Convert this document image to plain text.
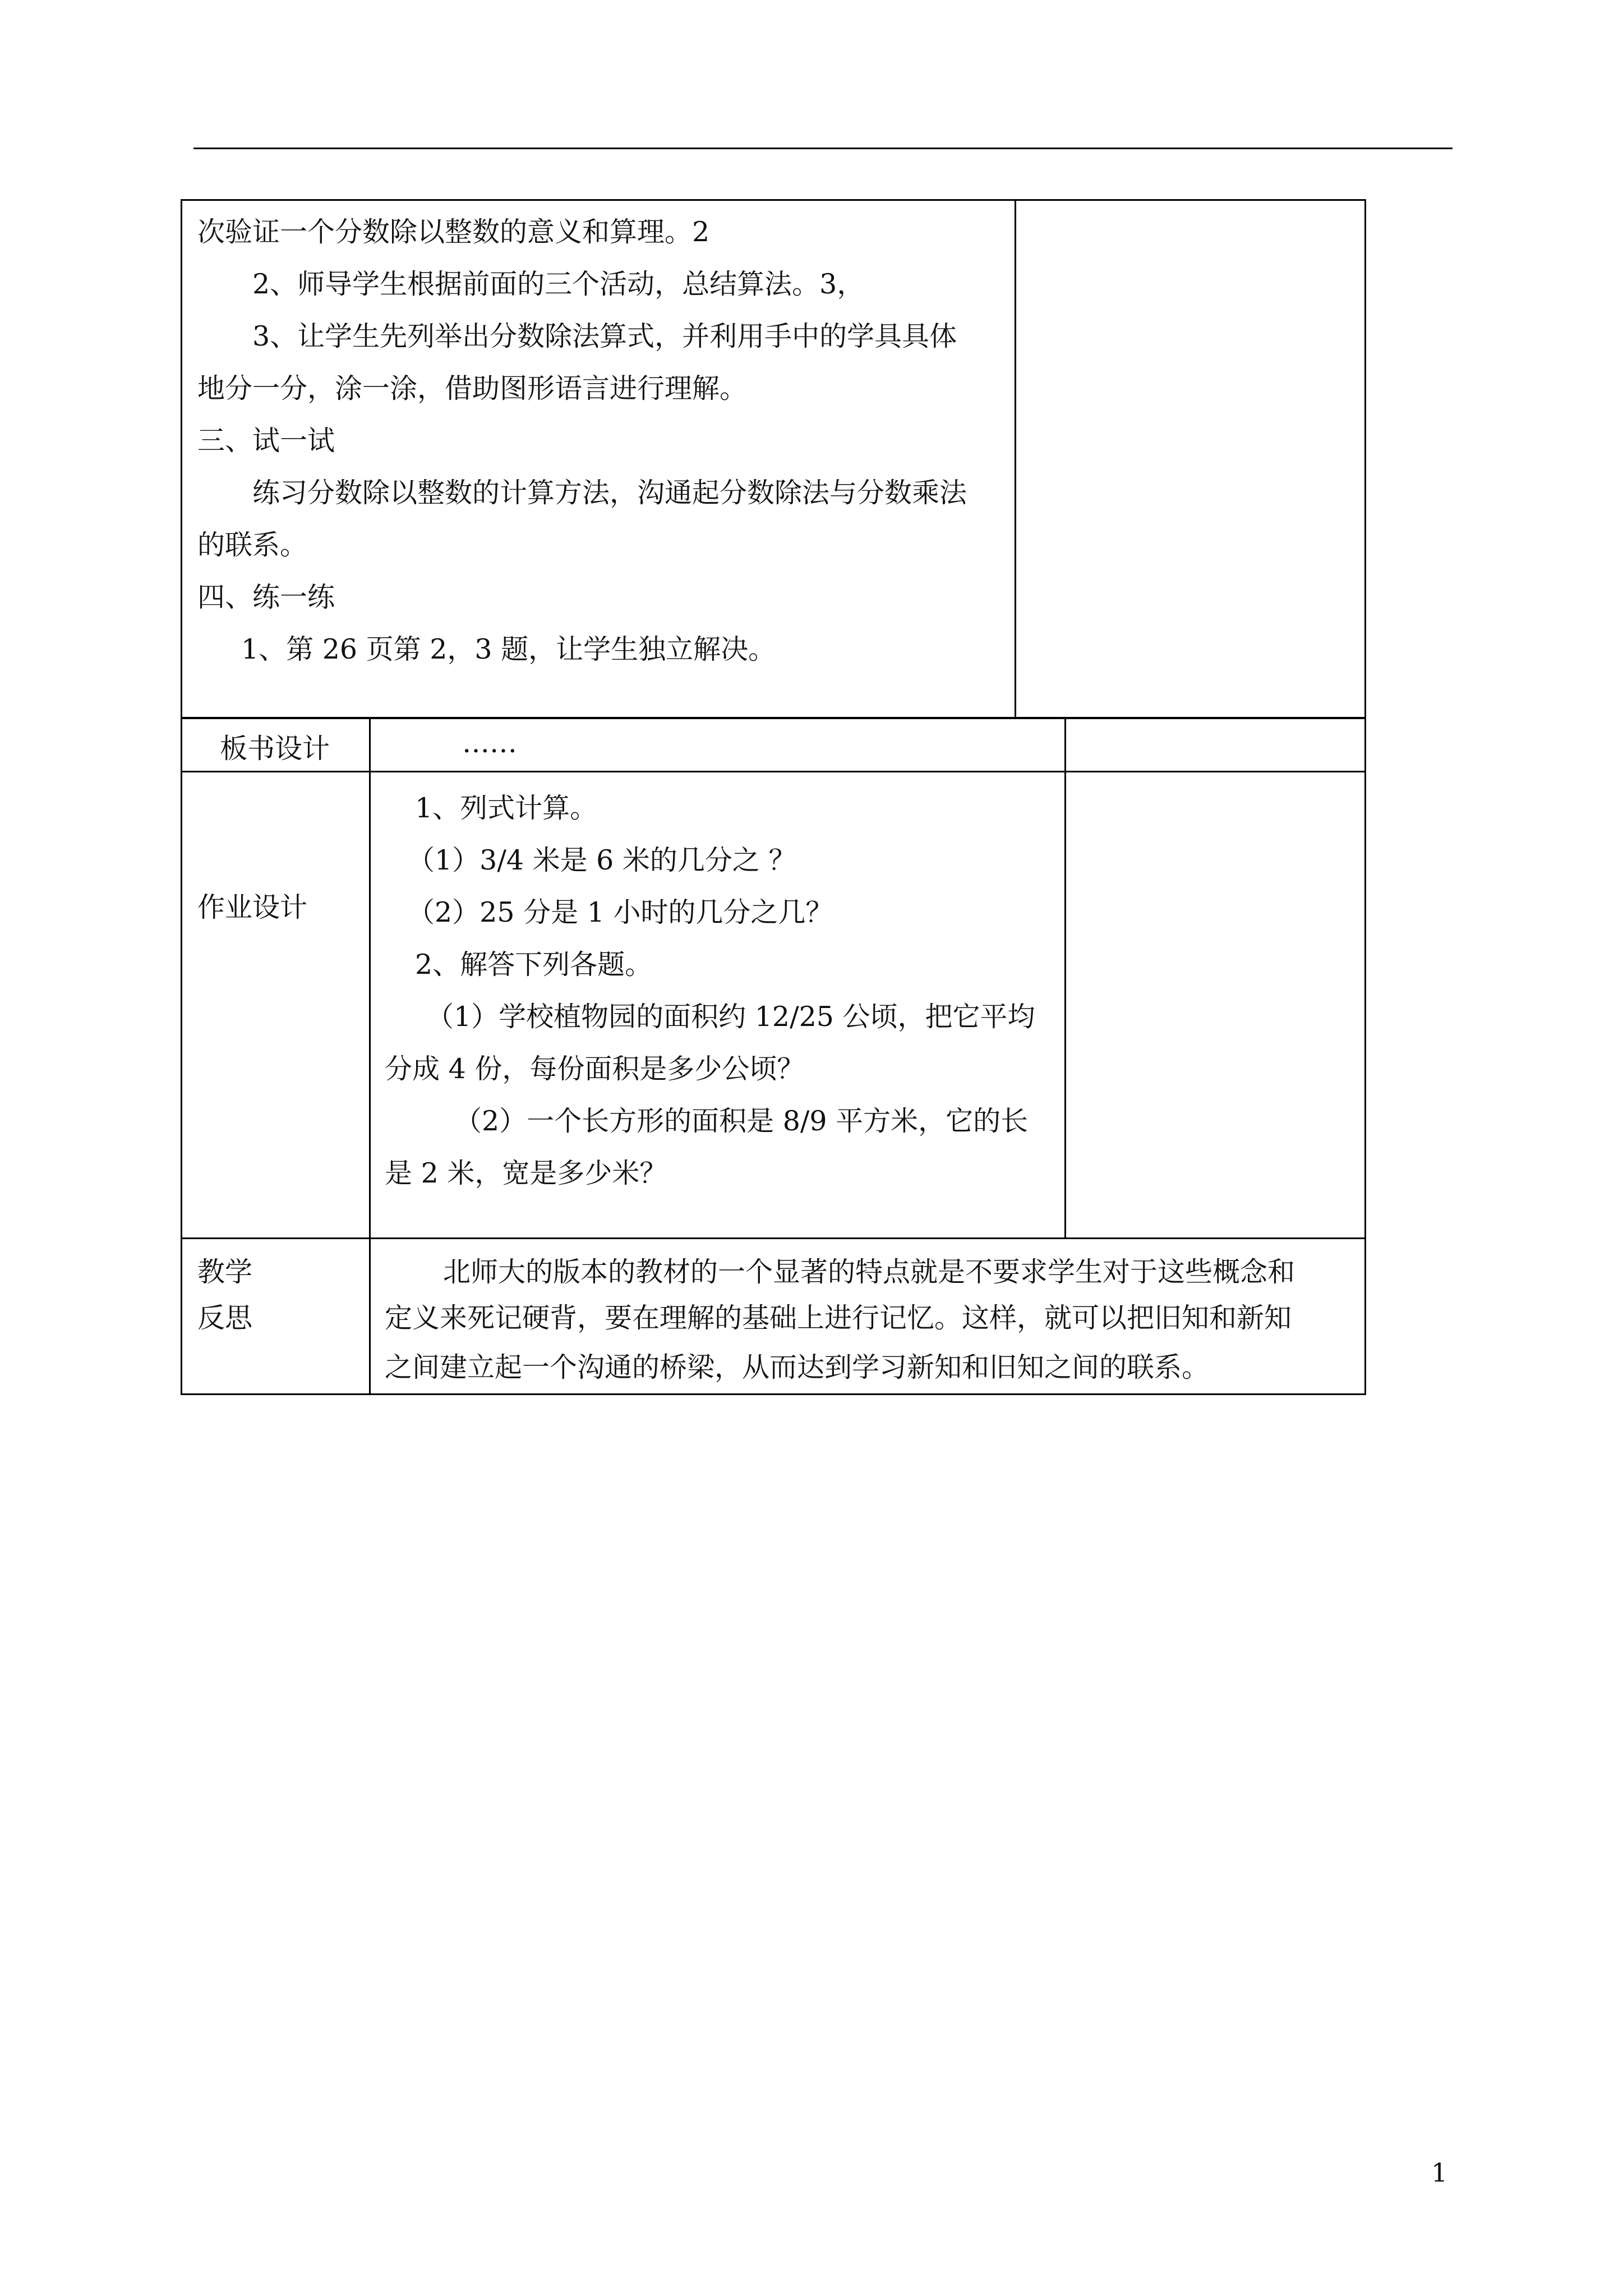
次验证一个分数除以整数的意义和算理。2
2、师导学生根据前面的三个活动，总结算法。3，
3、让学生先列举出分数除法算式，并利用手中的学具具体
地分一分，涂一涂，借助图形语言进行理解。
三、试一试
练习分数除以整数的计算方法，沟通起分数除法与分数乘法
的联系。
四、练一练
1、第 26 页第 2，3 题，让学生独立解决。
板书设计	……
作业设计
1、列式计算。
（1）3/4 米是 6 米的几分之 ？
（2）25 分是 1 小时的几分之几？
2、解答下列各题。
（1）学校植物园的面积约 12/25 公顷，把它平均
分成 4 份，每份面积是多少公顷？
（2）一个长方形的面积是 8/9 平方米，它的长
是 2 米，宽是多少米？
教学
反思
北师大的版本的教材的一个显著的特点就是不要求学生对于这些概念和
定义来死记硬背，要在理解的基础上进行记忆。这样，就可以把旧知和新知
之间建立起一个沟通的桥梁，从而达到学习新知和旧知之间的联系。
1
